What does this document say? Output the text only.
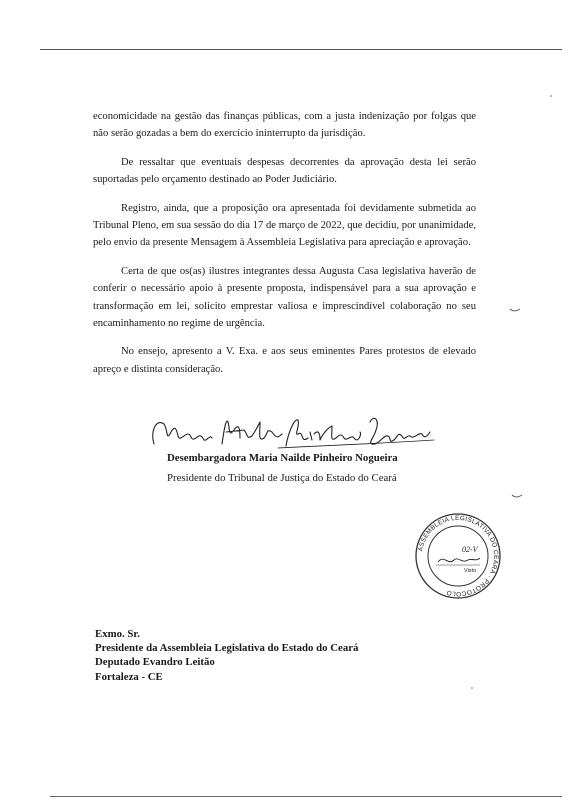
economicidade na gestão das finanças públicas, com a justa indenização por folgas que não serão gozadas a bem do exercício ininterrupto da jurisdição.

De ressaltar que eventuais despesas decorrentes da aprovação desta lei serão suportadas pelo orçamento destinado ao Poder Judiciário.

Registro, ainda, que a proposição ora apresentada foi devidamente submetida ao Tribunal Pleno, em sua sessão do dia 17 de março de 2022, que decidiu, por unanimidade, pelo envio da presente Mensagem à Assembleia Legislativa para apreciação e aprovação.

Certa de que os(as) ilustres integrantes dessa Augusta Casa legislativa haverão de conferir o necessário apoio à presente proposta, indispensável para a sua aprovação e transformação em lei, solicito emprestar valiosa e imprescindível colaboração no seu encaminhamento no regime de urgência.

No ensejo, apresento a V. Exa. e aos seus eminentes Pares protestos de elevado apreço e distinta consideração.

Desembargadora Maria Nailde Pinheiro Nogueira
Presidente do Tribunal de Justiça do Estado do Ceará
ASSEMBLEIA LEGISLATIVA DO CEARÁ · PROTOCOLO
02-V
Visto
Exmo. Sr.
Presidente da Assembleia Legislativa do Estado do Ceará
Deputado Evandro Leitão
Fortaleza - CE
